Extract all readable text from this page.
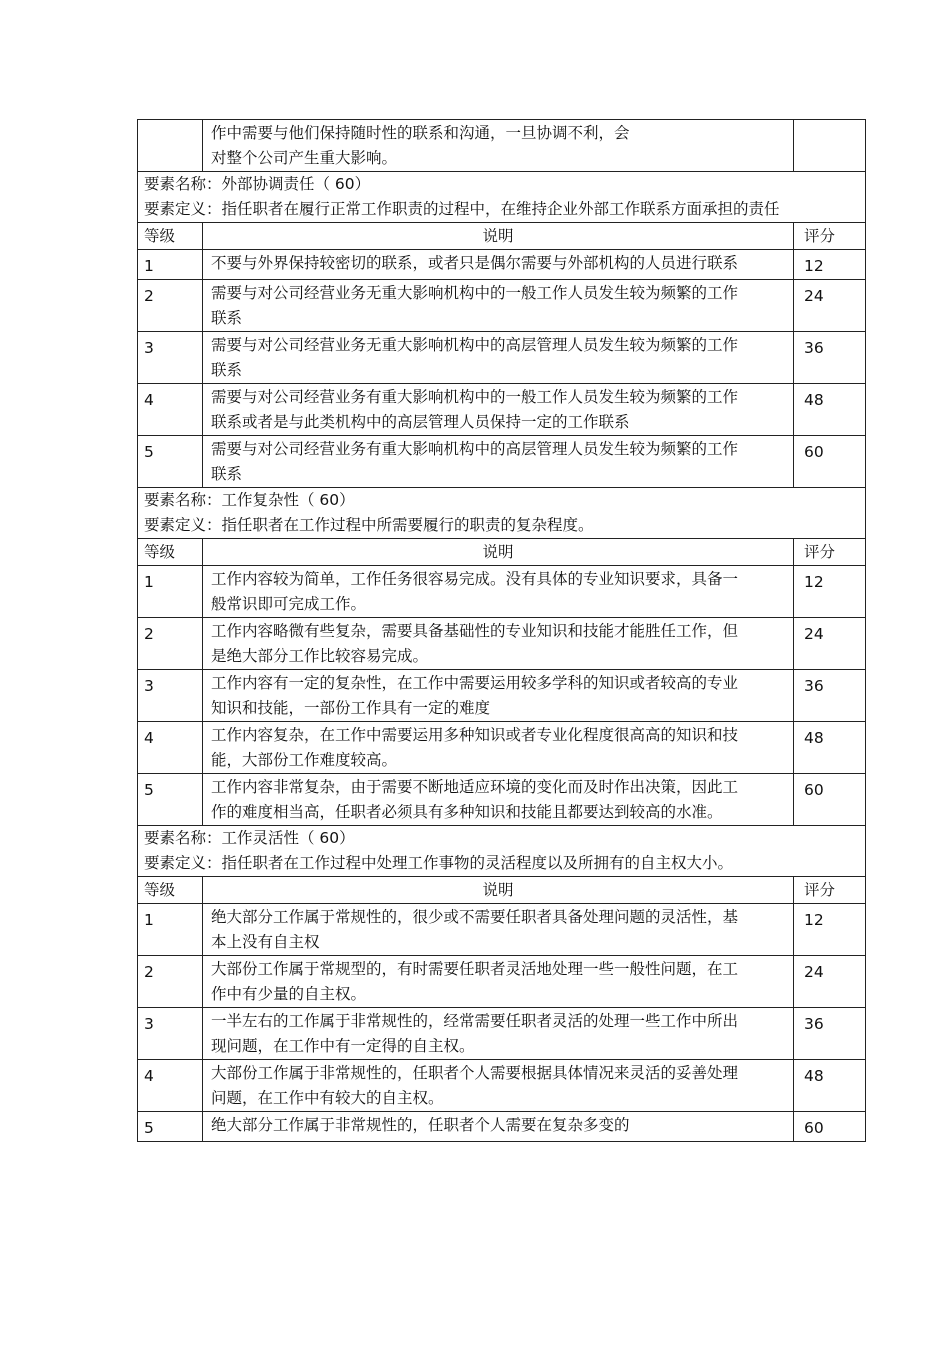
	作中需要与他们保持随时性的联系和沟通，一旦协调不利，会
对整个公司产生重大影响。	

要素名称：外部协调责任（ 60）
要素定义：指任职者在履行正常工作职责的过程中，在维持企业外部工作联系方面承担的责任		

等级	说明	评分
1	不要与外界保持较密切的联系，或者只是偶尔需要与外部机构的人员进行联系	12
2	需要与对公司经营业务无重大影响机构中的一般工作人员发生较为频繁的工作联系	24
3	需要与对公司经营业务无重大影响机构中的高层管理人员发生较为频繁的工作联系	36
4	需要与对公司经营业务有重大影响机构中的一般工作人员发生较为频繁的工作联系或者是与此类机构中的高层管理人员保持一定的工作联系	48
5	需要与对公司经营业务有重大影响机构中的高层管理人员发生较为频繁的工作联系	60

要素名称：工作复杂性（ 60）
要素定义：指任职者在工作过程中所需要履行的职责的复杂程度。		

等级	说明	评分
1	工作内容较为简单，工作任务很容易完成。没有具体的专业知识要求，具备一般常识即可完成工作。	12
2	工作内容略微有些复杂，需要具备基础性的专业知识和技能才能胜任工作，但是绝大部分工作比较容易完成。	24
3	工作内容有一定的复杂性，在工作中需要运用较多学科的知识或者较高的专业知识和技能，一部份工作具有一定的难度	36
4	工作内容复杂，在工作中需要运用多种知识或者专业化程度很高高的知识和技能，大部份工作难度较高。	48
5	工作内容非常复杂，由于需要不断地适应环境的变化而及时作出决策，因此工作的难度相当高，任职者必须具有多种知识和技能且都要达到较高的水准。	60

要素名称：工作灵活性（ 60）
要素定义：指任职者在工作过程中处理工作事物的灵活程度以及所拥有的自主权大小。		

等级	说明	评分
1	绝大部分工作属于常规性的，很少或不需要任职者具备处理问题的灵活性，基本上没有自主权	12
2	大部份工作属于常规型的，有时需要任职者灵活地处理一些一般性问题，在工作中有少量的自主权。	24
3	一半左右的工作属于非常规性的，经常需要任职者灵活的处理一些工作中所出现问题，在工作中有一定得的自主权。	36
4	大部份工作属于非常规性的，任职者个人需要根据具体情况来灵活的妥善处理问题，在工作中有较大的自主权。	48
5	绝大部分工作属于非常规性的，任职者个人需要在复杂多变的	60
